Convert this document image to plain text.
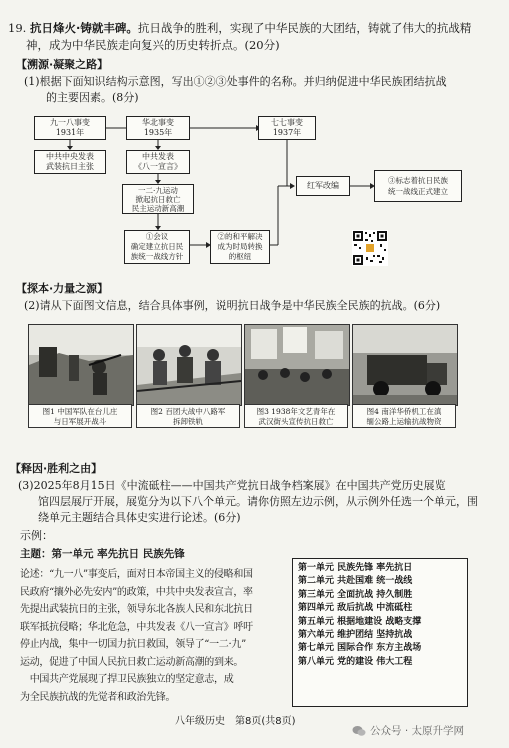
19. 抗日烽火·铸就丰碑。抗日战争的胜利，实现了中华民族的大团结，铸就了伟大的抗战精
神，成为中华民族走向复兴的历史转折点。(20分)
【溯源·凝聚之路】
(1)根据下面知识结构示意图，写出①②③处事件的名称。并归纳促进中华民族团结抗战
的主要因素。(8分)
九一八事变
1931年
华北事变
1935年
七七事变
1937年
中共中央发表
武装抗日主张
中共发表
《八一宣言》
一二·九运动
掀起抗日救亡
民主运动新高潮
红军改编
③标志着抗日民族
统一战线正式建立
①会议
确定建立抗日民
族统一战线方针
②的和平解决
成为时局转换
的枢纽
【探本·力量之源】
(2)请从下面图文信息，结合具体事例，说明抗日战争是中华民族全民族的抗战。(6分)
图1 中国军队在台儿庄
与日军展开战斗
图2 百团大战中八路军
拆卸铁轨
图3 1938年文艺青年在
武汉街头宣传抗日救亡
图4 南洋华侨机工在滇
缅公路上运输抗战物资
【释因·胜利之由】
(3)2025年8月15日《中流砥柱——中国共产党抗日战争档案展》在中国共产党历史展览
馆四层展厅开展，展览分为以下八个单元。请你仿照左边示例，从示例外任选一个单元，围
绕单元主题结合具体史实进行论述。(6分)
示例：
主题：第一单元 率先抗日 民族先锋
论述：“九一八”事变后，面对日本帝国主义的侵略和国
民政府“攘外必先安内”的政策，中共中央发表宣言，率
先提出武装抗日的主张，领导东北各族人民和东北抗日
联军抵抗侵略；华北危急，中共发表《八一宣言》呼吁
停止内战，集中一切国力抗日救国，领导了“一二·九”
运动，促进了中国人民抗日救亡运动新高潮的到来。
　中国共产党展现了捍卫民族独立的坚定意志，成
为全民族抗战的先觉者和政治先锋。
第一单元 民族先锋 率先抗日
第二单元 共赴国难 统一战线
第三单元 全面抗战 持久制胜
第四单元 敌后抗战 中流砥柱
第五单元 根据地建设 战略支撑
第六单元 维护团结 坚持抗战
第七单元 国际合作 东方主战场
第八单元 党的建设 伟大工程
八年级历史　第8页(共8页)
公众号 · 太原升学网
